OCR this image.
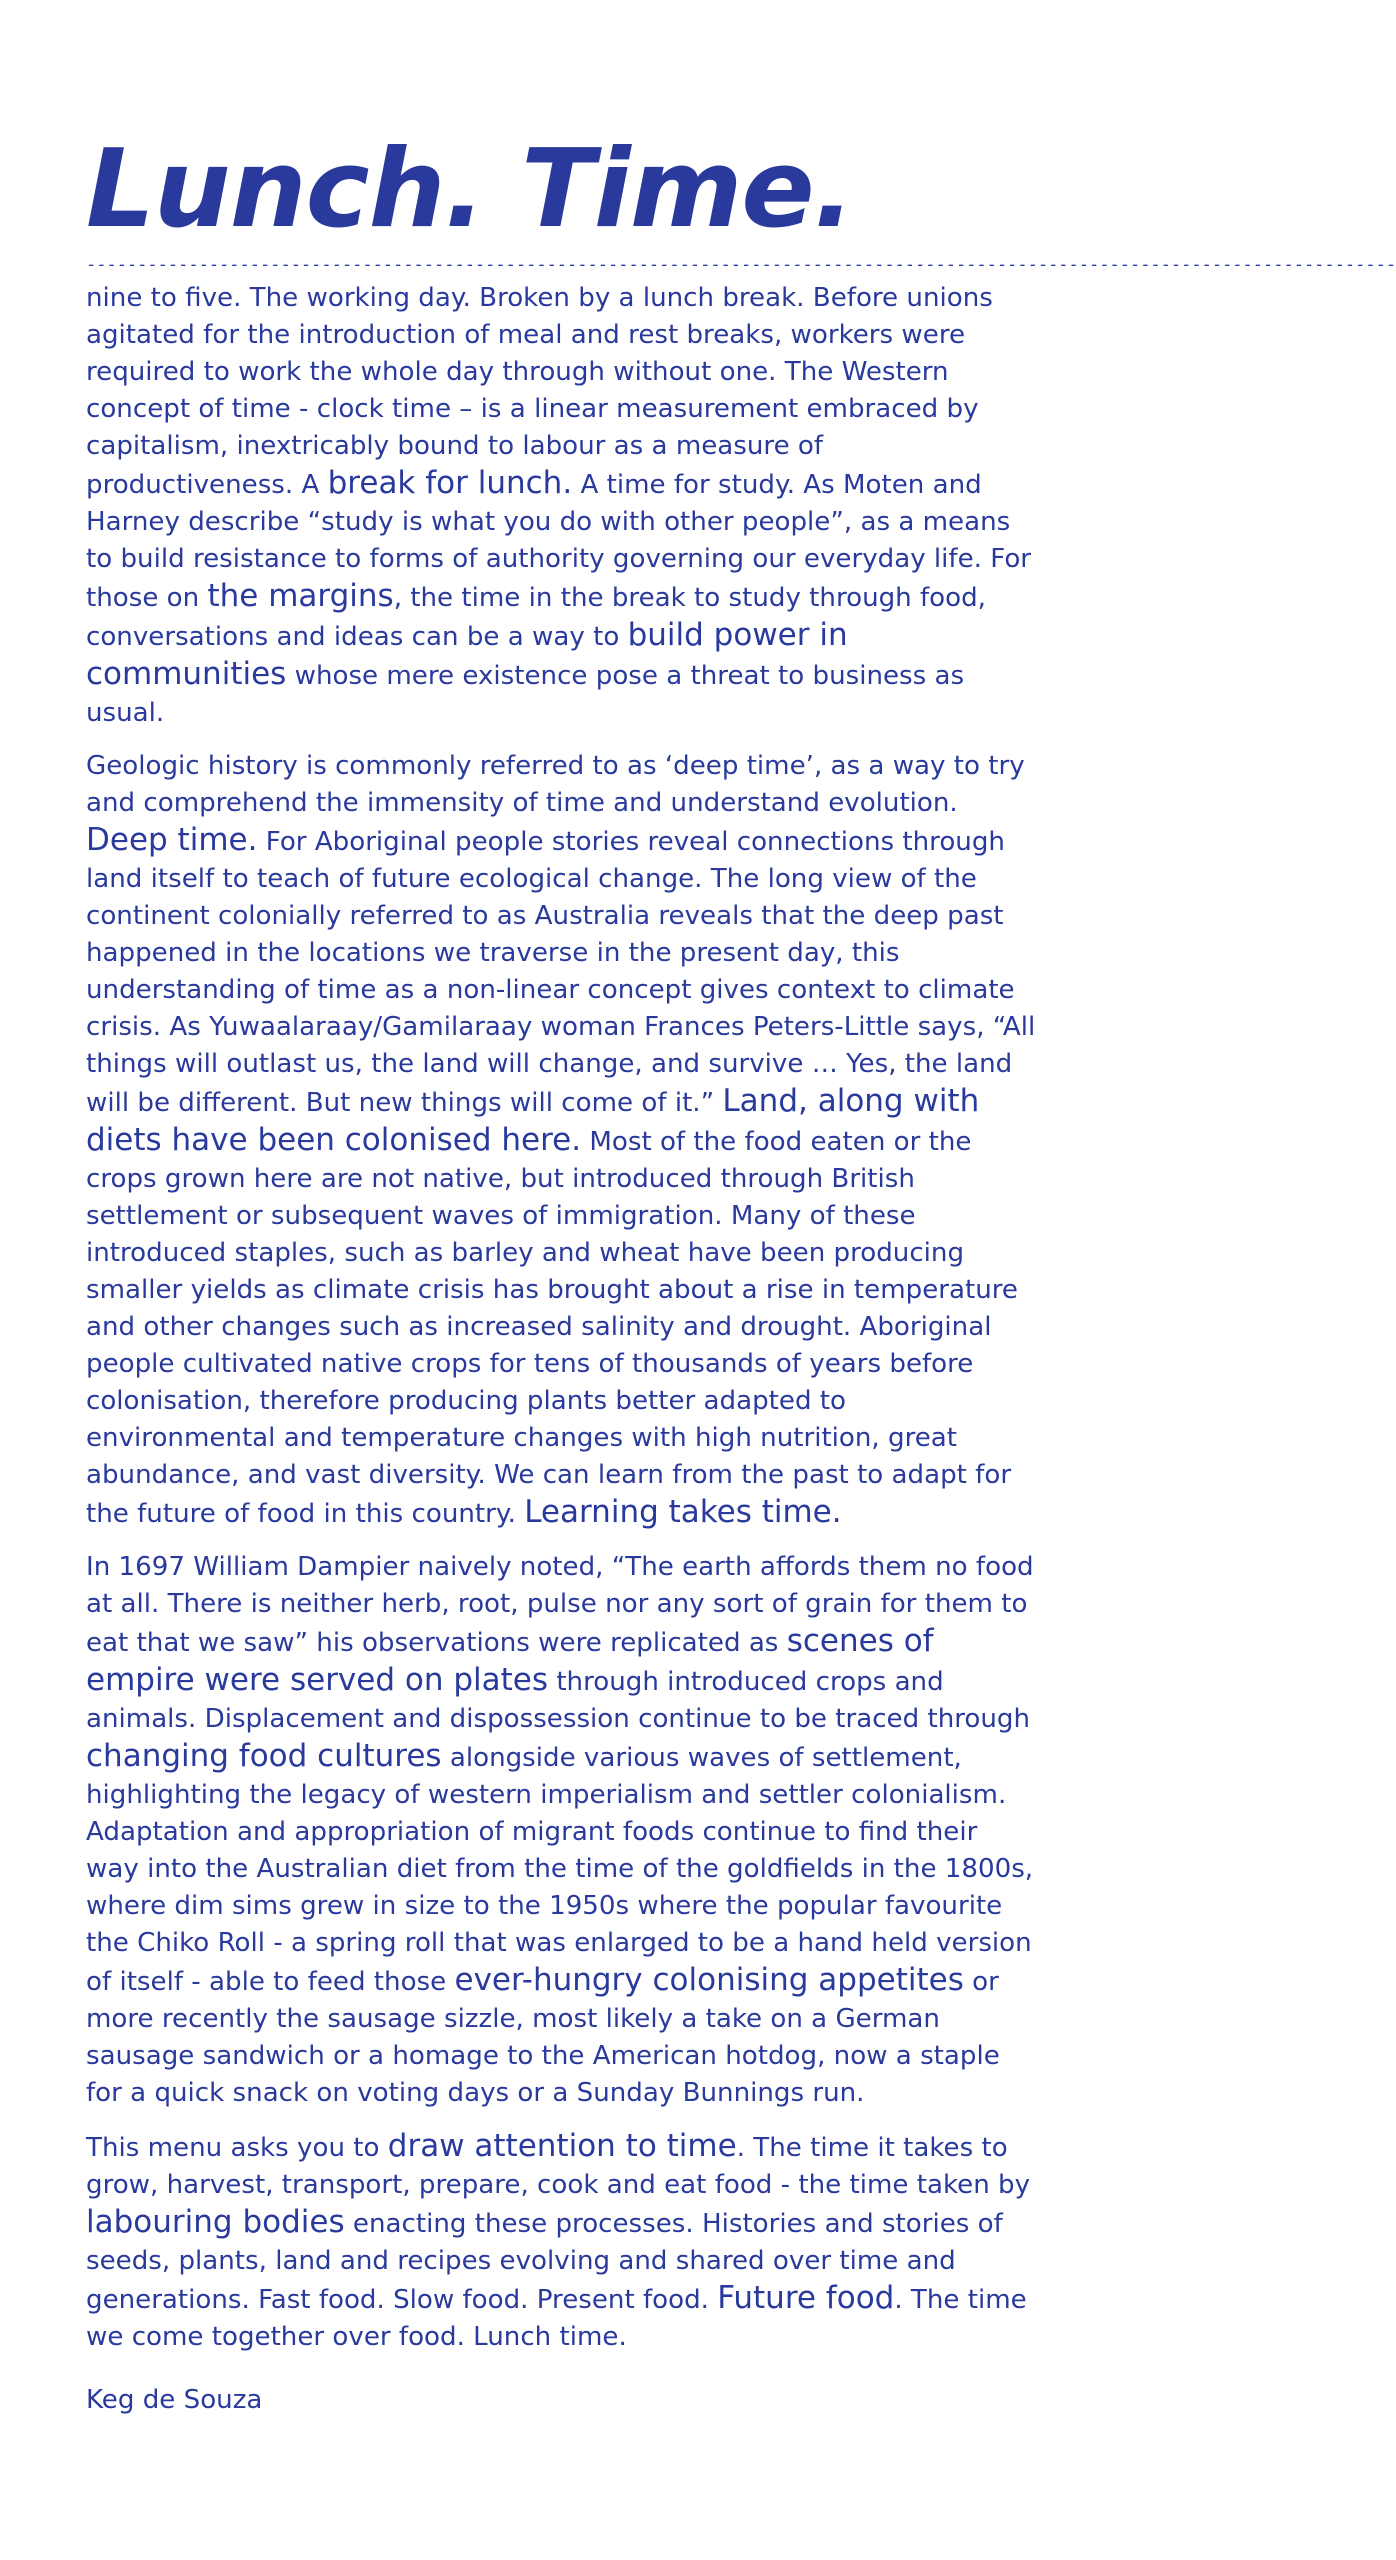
Lunch. Time.
--------------------------------------------------------------------------------------------------------------------------------

nine to five. The working day. Broken by a lunch break. Before unions agitated for the introduction of meal and rest breaks, workers were required to work the whole day through without one. The Western concept of time - clock time – is a linear measurement embraced by capitalism, inextricably bound to labour as a measure of productiveness. A break for lunch. A time for study. As Moten and Harney describe “study is what you do with other people”, as a means to build resistance to forms of authority governing our everyday life. For those on the margins, the time in the break to study through food, conversations and ideas can be a way to build power in communities whose mere existence pose a threat to business as usual.

Geologic history is commonly referred to as ‘deep time’, as a way to try and comprehend the immensity of time and understand evolution. Deep time. For Aboriginal people stories reveal connections through land itself to teach of future ecological change. The long view of the continent colonially referred to as Australia reveals that the deep past happened in the locations we traverse in the present day, this understanding of time as a non-linear concept gives context to climate crisis. As Yuwaalaraay/Gamilaraay woman Frances Peters-Little says, “All things will outlast us, the land will change, and survive … Yes, the land will be different. But new things will come of it.” Land, along with diets have been colonised here. Most of the food eaten or the crops grown here are not native, but introduced through British settlement or subsequent waves of immigration. Many of these introduced staples, such as barley and wheat have been producing smaller yields as climate crisis has brought about a rise in temperature and other changes such as increased salinity and drought. Aboriginal people cultivated native crops for tens of thousands of years before colonisation, therefore producing plants better adapted to environmental and temperature changes with high nutrition, great abundance, and vast diversity. We can learn from the past to adapt for the future of food in this country. Learning takes time.

In 1697 William Dampier naively noted, “The earth affords them no food at all. There is neither herb, root, pulse nor any sort of grain for them to eat that we saw” his observations were replicated as scenes of empire were served on plates through introduced crops and animals. Displacement and dispossession continue to be traced through changing food cultures alongside various waves of settlement, highlighting the legacy of western imperialism and settler colonialism. Adaptation and appropriation of migrant foods continue to find their way into the Australian diet from the time of the goldfields in the 1800s, where dim sims grew in size to the 1950s where the popular favourite the Chiko Roll - a spring roll that was enlarged to be a hand held version of itself - able to feed those ever-hungry colonising appetites or more recently the sausage sizzle, most likely a take on a German sausage sandwich or a homage to the American hotdog, now a staple for a quick snack on voting days or a Sunday Bunnings run.

This menu asks you to draw attention to time. The time it takes to grow, harvest, transport, prepare, cook and eat food - the time taken by labouring bodies enacting these processes. Histories and stories of seeds, plants, land and recipes evolving and shared over time and generations. Fast food. Slow food. Present food. Future food. The time we come together over food. Lunch time.

Keg de Souza
